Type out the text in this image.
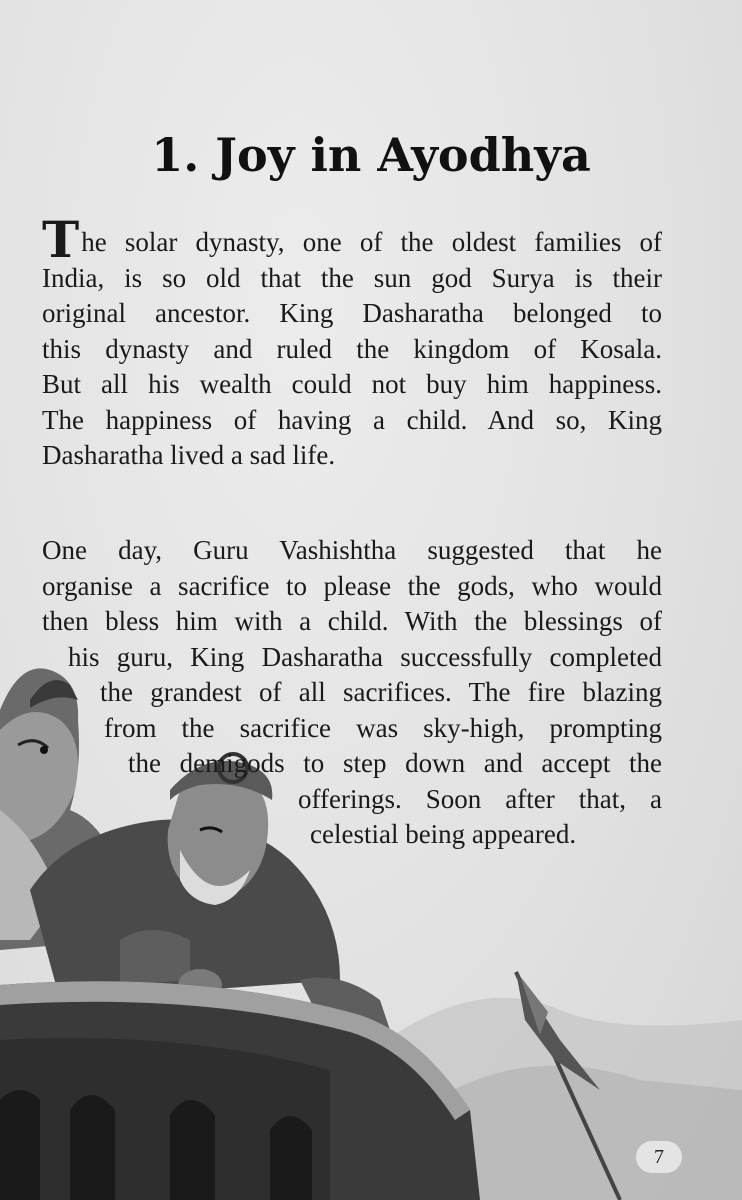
1. Joy in Ayodhya
The solar dynasty, one of the oldest families of
India, is so old that the sun god Surya is their
original ancestor. King Dasharatha belonged to
this dynasty and ruled the kingdom of Kosala.
But all his wealth could not buy him happiness.
The happiness of having a child. And so, King
Dasharatha lived a sad life.
One day, Guru Vashishtha suggested that he
organise a sacrifice to please the gods, who would
then bless him with a child. With the blessings of
his guru, King Dasharatha successfully completed
the grandest of all sacrifices. The fire blazing
from the sacrifice was sky-high, prompting
the demigods to step down and accept the
offerings. Soon after that, a
celestial being appeared.
7
